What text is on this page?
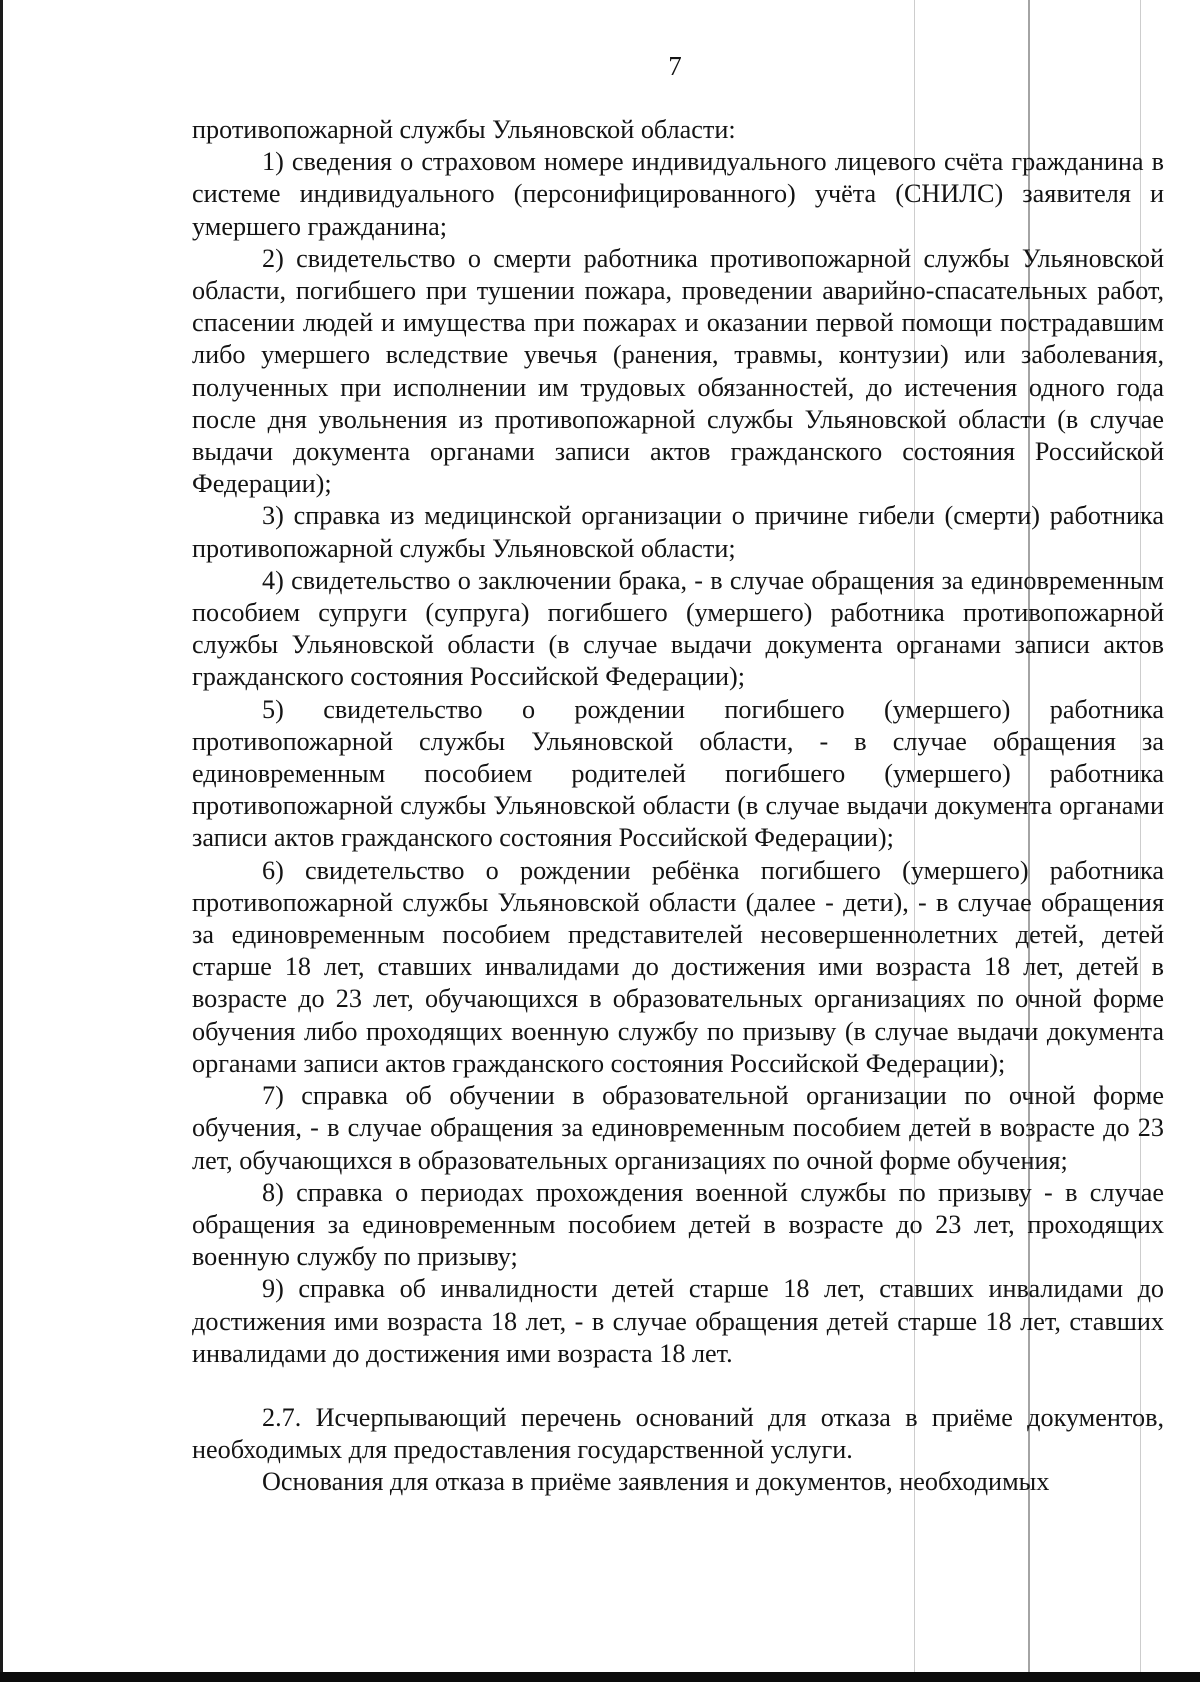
7

противопожарной службы Ульяновской области:

1) сведения о страховом номере индивидуального лицевого счёта гражданина в системе индивидуального (персонифицированного) учёта (СНИЛС) заявителя и умершего гражданина;

2) свидетельство о смерти работника противопожарной службы Ульяновской области, погибшего при тушении пожара, проведении аварийно-спасательных работ, спасении людей и имущества при пожарах и оказании первой помощи пострадавшим либо умершего вследствие увечья (ранения, травмы, контузии) или заболевания, полученных при исполнении им трудовых обязанностей, до истечения одного года после дня увольнения из противопожарной службы Ульяновской области (в случае выдачи документа органами записи актов гражданского состояния Российской Федерации);

3) справка из медицинской организации о причине гибели (смерти) работника противопожарной службы Ульяновской области;

4) свидетельство о заключении брака, - в случае обращения за единовременным пособием супруги (супруга) погибшего (умершего) работника противопожарной службы Ульяновской области (в случае выдачи документа органами записи актов гражданского состояния Российской Федерации);

5) свидетельство о рождении погибшего (умершего) работника противопожарной службы Ульяновской области, - в случае обращения за единовременным пособием родителей погибшего (умершего) работника противопожарной службы Ульяновской области (в случае выдачи документа органами записи актов гражданского состояния Российской Федерации);

6) свидетельство о рождении ребёнка погибшего (умершего) работника противопожарной службы Ульяновской области (далее - дети), - в случае обращения за единовременным пособием представителей несовершеннолетних детей, детей старше 18 лет, ставших инвалидами до достижения ими возраста 18 лет, детей в возрасте до 23 лет, обучающихся в образовательных организациях по очной форме обучения либо проходящих военную службу по призыву (в случае выдачи документа органами записи актов гражданского состояния Российской Федерации);

7) справка об обучении в образовательной организации по очной форме обучения, - в случае обращения за единовременным пособием детей в возрасте до 23 лет, обучающихся в образовательных организациях по очной форме обучения;

8) справка о периодах прохождения военной службы по призыву - в случае обращения за единовременным пособием детей в возрасте до 23 лет, проходящих военную службу по призыву;

9) справка об инвалидности детей старше 18 лет, ставших инвалидами до достижения ими возраста 18 лет, - в случае обращения детей старше 18 лет, ставших инвалидами до достижения ими возраста 18 лет.

2.7. Исчерпывающий перечень оснований для отказа в приёме документов, необходимых для предоставления государственной услуги.

Основания для отказа в приёме заявления и документов, необходимых
